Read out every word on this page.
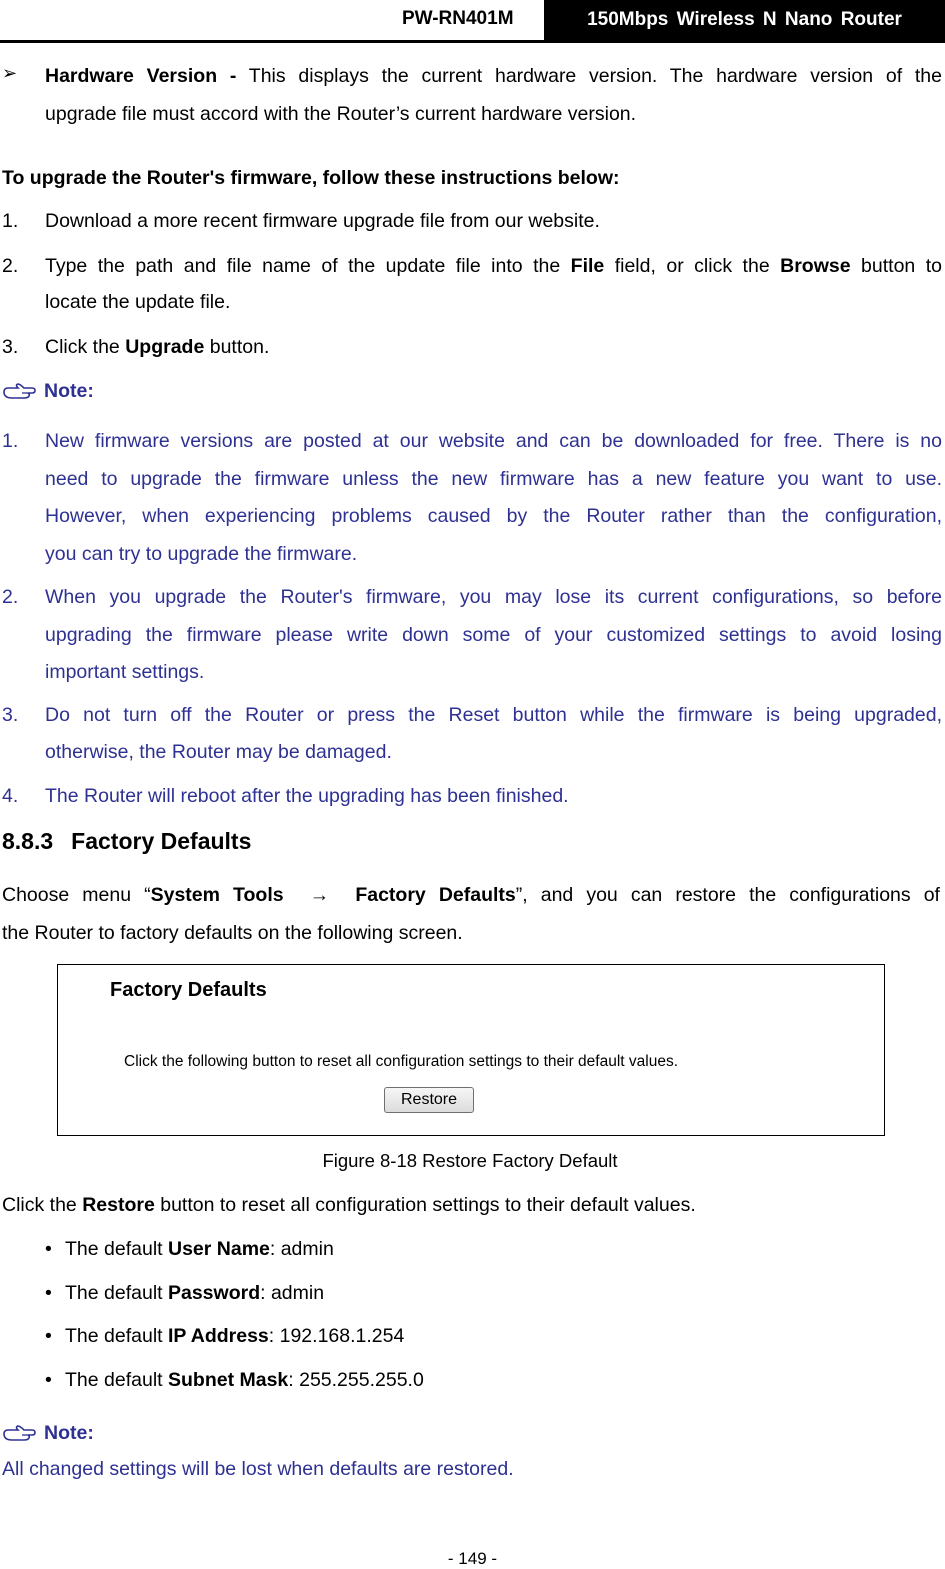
PW-RN401M	150Mbps Wireless N Nano Router
➢ Hardware Version - This displays the current hardware version. The hardware version of the
upgrade file must accord with the Router’s current hardware version.
To upgrade the Router's firmware, follow these instructions below:
1. Download a more recent firmware upgrade file from our website.
2. Type the path and file name of the update file into the File field, or click the Browse button to
locate the update file.
3. Click the Upgrade button.
Note:
1. New firmware versions are posted at our website and can be downloaded for free. There is no
need to upgrade the firmware unless the new firmware has a new feature you want to use.
However, when experiencing problems caused by the Router rather than the configuration,
you can try to upgrade the firmware.
2. When you upgrade the Router's firmware, you may lose its current configurations, so before
upgrading the firmware please write down some of your customized settings to avoid losing
important settings.
3. Do not turn off the Router or press the Reset button while the firmware is being upgraded,
otherwise, the Router may be damaged.
4. The Router will reboot after the upgrading has been finished.
8.8.3 Factory Defaults
Choose menu “System Tools  →  Factory Defaults”, and you can restore the configurations of
the Router to factory defaults on the following screen.
Factory Defaults
Click the following button to reset all configuration settings to their default values.
Restore
Figure 8-18 Restore Factory Default
Click the Restore button to reset all configuration settings to their default values.
• The default User Name: admin
• The default Password: admin
• The default IP Address: 192.168.1.254
• The default Subnet Mask: 255.255.255.0
Note:
All changed settings will be lost when defaults are restored.
- 149 -
